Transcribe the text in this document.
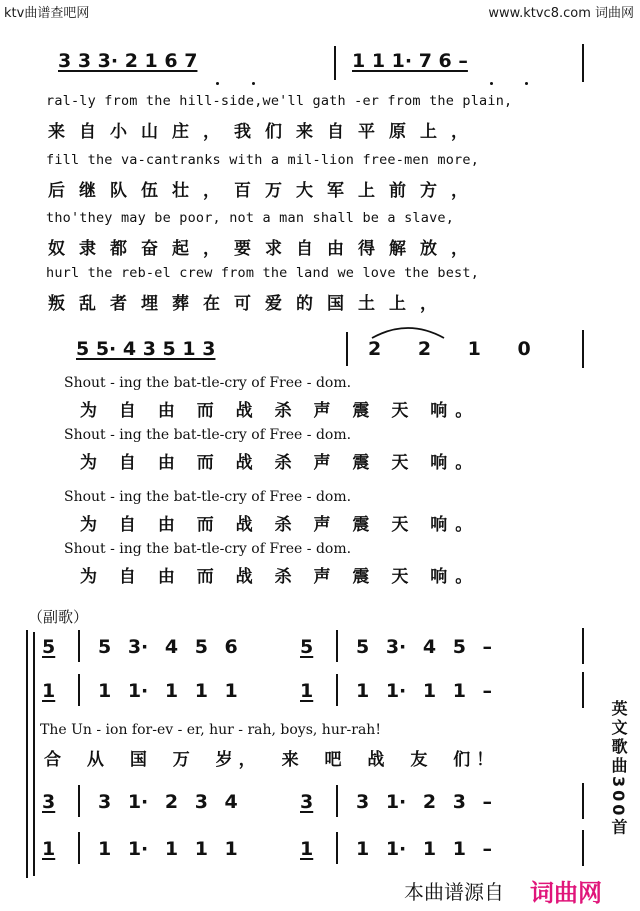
ktv曲谱查吧网	www.ktvc8.com 词曲网
3 3 3· 2 1 6 7	1 1 1· 7 6 –
ral-ly from the hill-side,we'll gath -er from the plain,
来自小山庄，我们来自平原上，
fill the va-cantranks with a mil-lion free-men more,
后继队伍壮，百万大军上前方，
tho'they may be poor, not a man shall be a slave,
奴隶都奋起，要求自由得解放，
hurl the reb-el crew from the land we love the best,
叛乱者埋葬在可爱的国土上，
5 5· 4 3 5 1 3	2 2 1 0
Shout - ing the bat-tle-cry of Free - dom.
为 自 由 而 战 杀 声 震 天 响。
Shout - ing the bat-tle-cry of Free - dom.
为 自 由 而 战 杀 声 震 天 响。
Shout - ing the bat-tle-cry of Free - dom.
为 自 由 而 战 杀 声 震 天 响。
Shout - ing the bat-tle-cry of Free - dom.
为 自 由 而 战 杀 声 震 天 响。
（副歌）
5 5 3· 4 5 6	5 5 3· 4 5 –
1 1 1· 1 1 1	1 1 1· 1 1 –
The Un - ion for-ev - er, hur - rah, boys, hur-rah!
合 从 国 万 岁， 来 吧 战 友 们！
3 3 1· 2 3 4	3 3 1· 2 3 –
1 1 1· 1 1 1	1 1 1· 1 1 –
英文歌曲300首
本曲谱源自 词曲网
